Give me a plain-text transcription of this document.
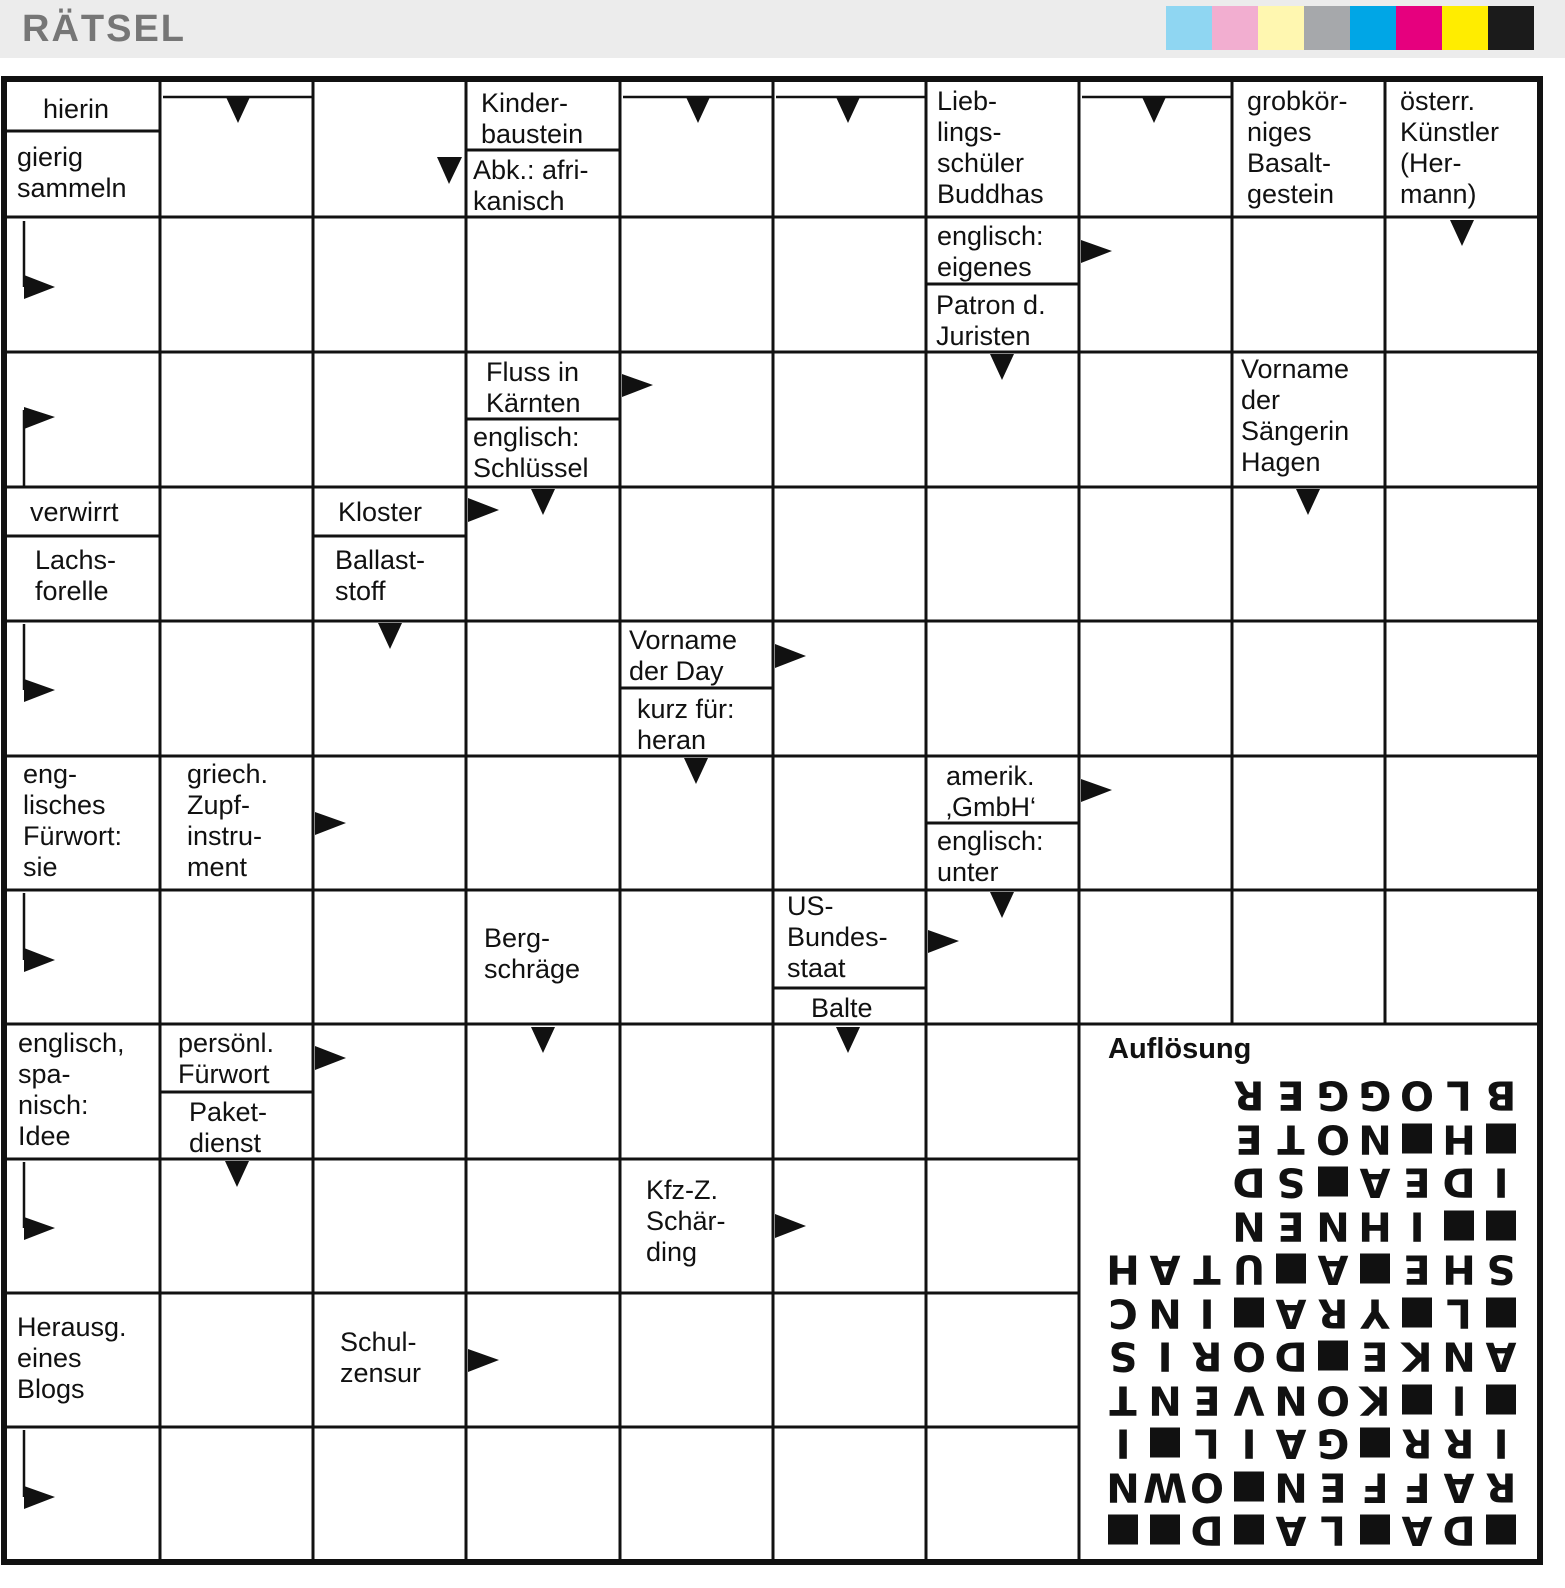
RÄTSEL
hierin
gierig
sammeln
Kinder-
baustein
Abk.: afri-
kanisch
Lieb-
lings-
schüler
Buddhas
grobkör-
niges
Basalt-
gestein
österr.
Künstler
(Her-
mann)
englisch:
eigenes
Patron d.
Juristen
Fluss in
Kärnten
englisch:
Schlüssel
Vorname
der
Sängerin
Hagen
verwirrt
Lachs-
forelle
Kloster
Ballast-
stoff
Vorname
der Day
kurz für:
heran
eng-
lisches
Fürwort:
sie
griech.
Zupf-
instru-
ment
amerik.
‚GmbH‘
englisch:
unter
Berg-
schräge
US-
Bundes-
staat
Balte
englisch,
spa-
nisch:
Idee
persönl.
Fürwort
Paket-
dienst
Kfz-Z.
Schär-
ding
Herausg.
eines
Blogs
Schul-
zensur
Auflösung
R E G G O L B
E T O N H
D S A E D I
N E N H I
H A T U A E H S
C N I	A R Y L
S I R O D E K N A
T N E V N O K	I
I	L I A G R R I
N W O N E F F A R
D A L A D
